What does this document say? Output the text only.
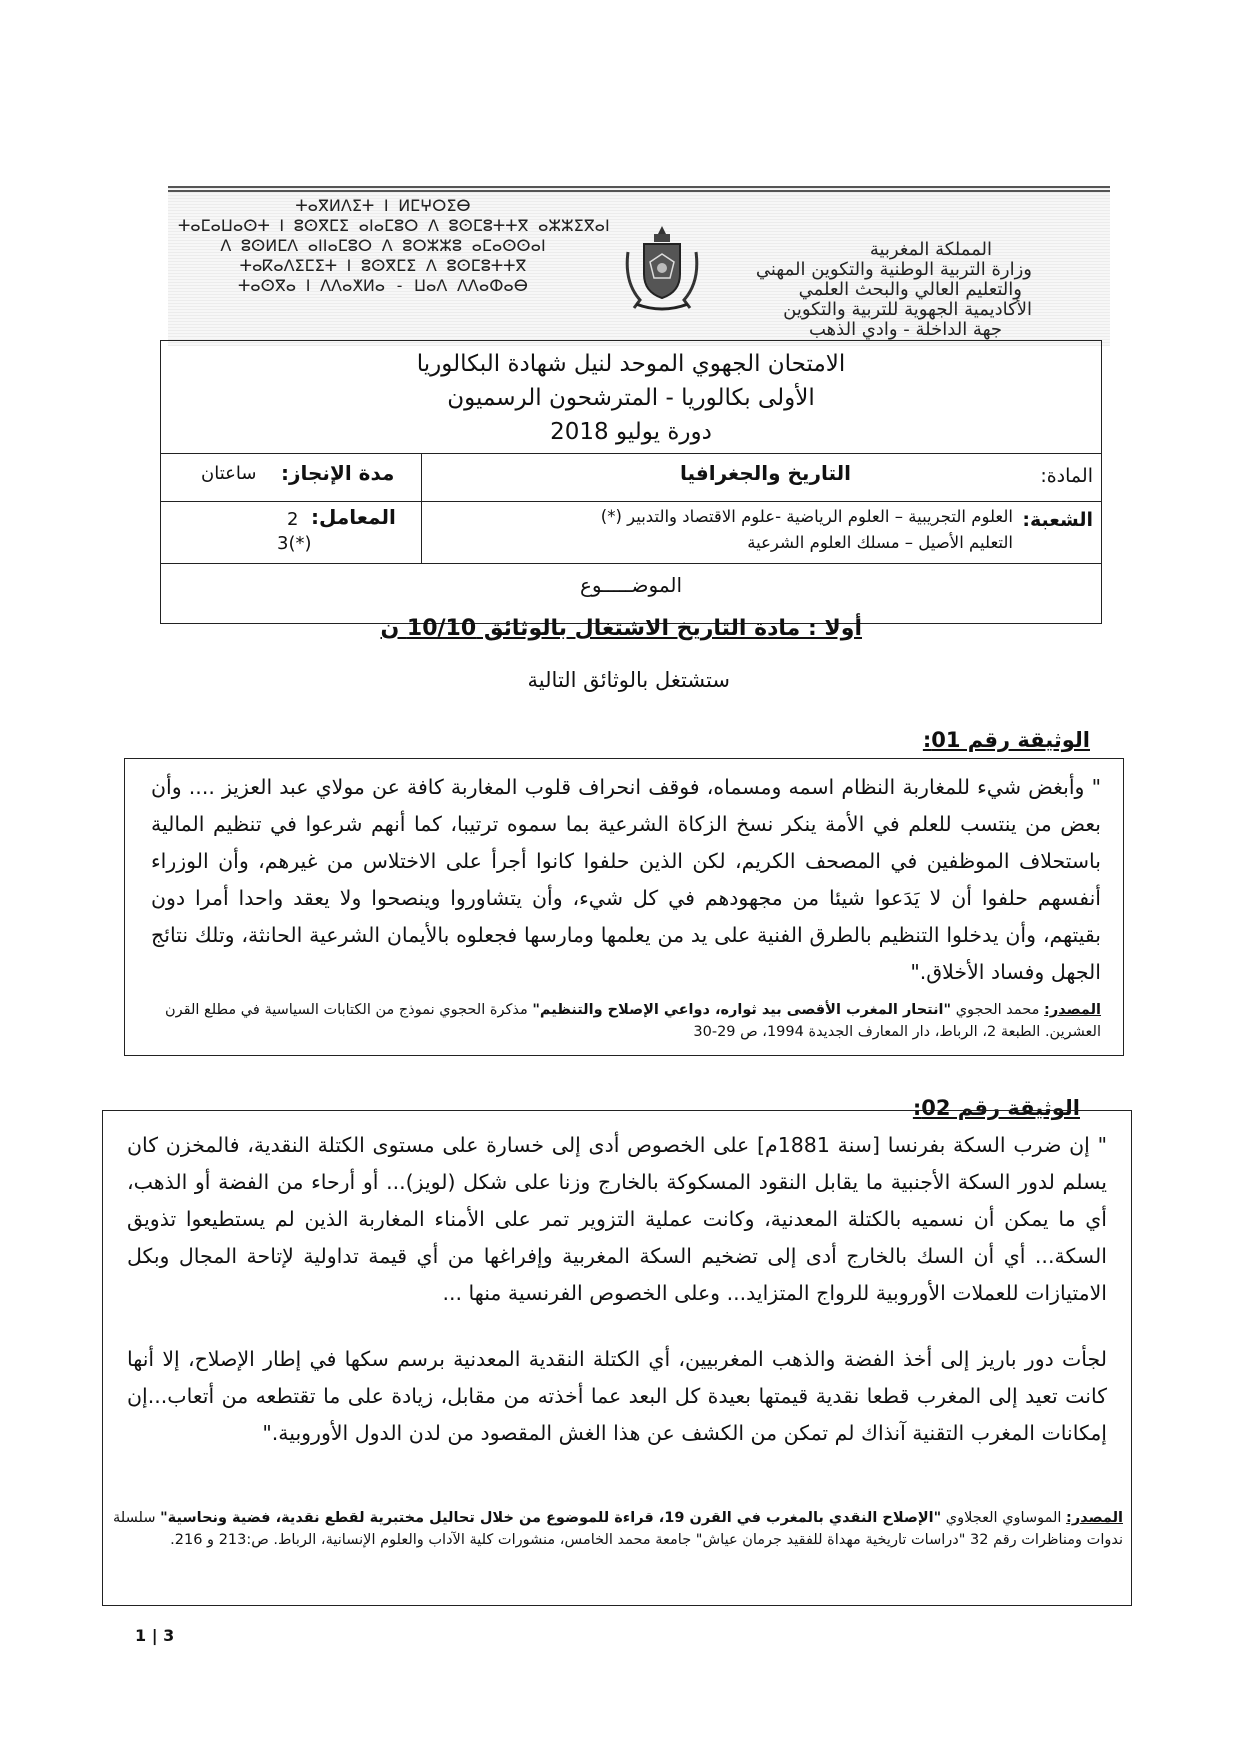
المملكة المغربية
وزارة التربية الوطنية والتكوين المهني
والتعليم العالي والبحث العلمي
الأكاديمية الجهوية للتربية والتكوين
جهة الداخلة - وادي الذهب
ⵜⴰⴳⵍⴷⵉⵜ ⵏ ⵍⵎⵖⵔⵉⴱ
ⵜⴰⵎⴰⵡⴰⵙⵜ ⵏ ⵓⵙⴳⵎⵉ ⴰⵏⴰⵎⵓⵔ ⴷ ⵓⵙⵎⵓⵜⵜⴳ ⴰⵣⵣⵉⴳⴰⵏ
ⴷ ⵓⵙⵍⵎⴷ ⴰⵏⵏⴰⵎⵓⵔ ⴷ ⵓⵔⵣⵣⵓ ⴰⵎⴰⵙⵙⴰⵏ
ⵜⴰⴽⴰⴷⵉⵎⵉⵜ ⵏ ⵓⵙⴳⵎⵉ ⴷ ⵓⵙⵎⵓⵜⵜⴳ
ⵜⴰⵙⴳⴰ ⵏ ⴷⴷⴰⵅⵍⴰ - ⵡⴰⴷ ⴷⴷⴰⵀⴰⴱ
الامتحان الجهوي الموحد لنيل شهادة البكالوريا
الأولى بكالوريا - المترشحون الرسميون
دورة يوليو 2018
المادة:
التاريخ والجغرافيا
مدة الإنجاز:
ساعتان
الشعبة:
العلوم التجريبية – العلوم الرياضية -علوم الاقتصاد والتدبير (*)
التعليم الأصيل – مسلك العلوم الشرعية
المعامل:
2
3(*)
الموضـــــوع
أولا : مادة التاريخ الاشتغال بالوثائق 10/10 ن
ستشتغل بالوثائق التالية
الوثيقة رقم 01:
" وأبغض شيء للمغاربة النظام اسمه ومسماه، فوقف انحراف قلوب المغاربة كافة عن مولاي عبد العزيز .... وأن بعض من ينتسب للعلم في الأمة ينكر نسخ الزكاة الشرعية بما سموه ترتيبا، كما أنهم شرعوا في تنظيم المالية باستحلاف الموظفين في المصحف الكريم، لكن الذين حلفوا كانوا أجرأ على الاختلاس من غيرهم، وأن الوزراء أنفسهم حلفوا أن لا يَدَعوا شيئا من مجهودهم في كل شيء، وأن يتشاوروا وينصحوا ولا يعقد واحدا أمرا دون بقيتهم، وأن يدخلوا التنظيم بالطرق الفنية على يد من يعلمها ومارسها فجعلوه بالأيمان الشرعية الحانثة، وتلك نتائج الجهل وفساد الأخلاق."
المصدر: محمد الحجوي "انتحار المغرب الأقصى بيد ثواره، دواعي الإصلاح والتنظيم" مذكرة الحجوي نموذج من الكتابات السياسية في مطلع القرن العشرين. الطبعة 2، الرباط، دار المعارف الجديدة 1994، ص 29-30
الوثيقة رقم 02:
" إن ضرب السكة بفرنسا [سنة 1881م] على الخصوص أدى إلى خسارة على مستوى الكتلة النقدية، فالمخزن كان يسلم لدور السكة الأجنبية ما يقابل النقود المسكوكة بالخارج وزنا على شكل (لويز)... أو أرحاء من الفضة أو الذهب، أي ما يمكن أن نسميه بالكتلة المعدنية، وكانت عملية التزوير تمر على الأمناء المغاربة الذين لم يستطيعوا تذويق السكة... أي أن السك بالخارج أدى إلى تضخيم السكة المغربية وإفراغها من أي قيمة تداولية لإتاحة المجال وبكل الامتيازات للعملات الأوروبية للرواج المتزايد... وعلى الخصوص الفرنسية منها ...
لجأت دور باريز إلى أخذ الفضة والذهب المغربيين، أي الكتلة النقدية المعدنية برسم سكها في إطار الإصلاح، إلا أنها كانت تعيد إلى المغرب قطعا نقدية قيمتها بعيدة كل البعد عما أخذته من مقابل، زيادة على ما تقتطعه من أتعاب...إن إمكانات المغرب التقنية آنذاك لم تمكن من الكشف عن هذا الغش المقصود من لدن الدول الأوروبية."
المصدر: الموساوي العجلاوي "الإصلاح النقدي بالمغرب في القرن 19، قراءة للموضوع من خلال تحاليل مختبرية لقطع نقدية، فضية ونحاسية" سلسلة ندوات ومناظرات رقم 32 "دراسات تاريخية مهداة للفقيد جرمان عياش" جامعة محمد الخامس، منشورات كلية الآداب والعلوم الإنسانية، الرباط. ص:213 و 216.
1 | 3
